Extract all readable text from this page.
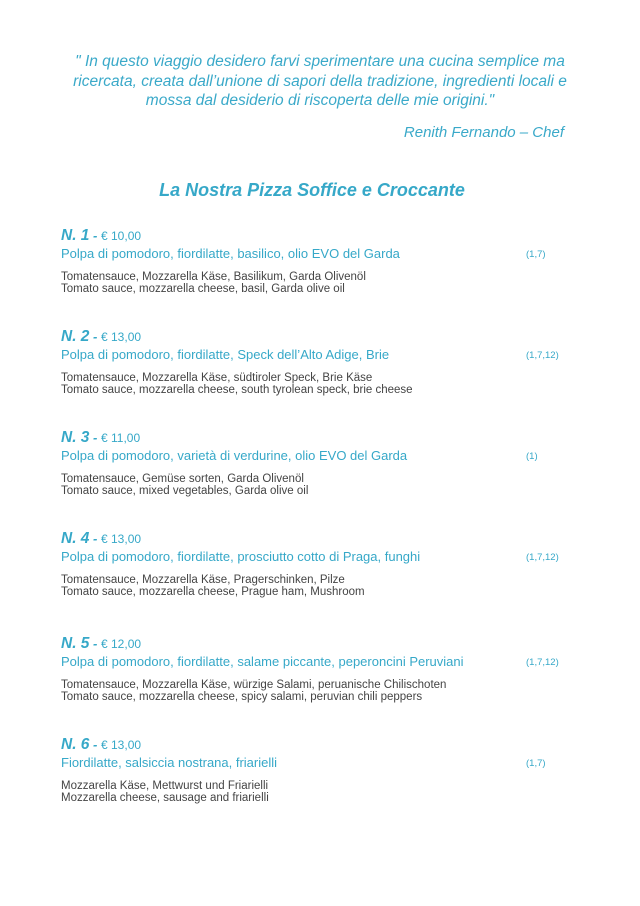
" In questo viaggio desidero farvi sperimentare una cucina semplice ma
ricercata, creata dall’unione di sapori della tradizione, ingredienti locali e
mossa dal desiderio di riscoperta delle mie origini."
Renith Fernando – Chef
La Nostra Pizza Soffice e Croccante
N. 1 - € 10,00
Polpa di pomodoro, fiordilatte, basilico, olio EVO del Garda	(1,7)
Tomatensauce, Mozzarella Käse, Basilikum, Garda Olivenöl
Tomato sauce, mozzarella cheese, basil, Garda olive oil
N. 2 - € 13,00
Polpa di pomodoro, fiordilatte, Speck dell’Alto Adige, Brie	(1,7,12)
Tomatensauce, Mozzarella Käse, südtiroler Speck, Brie Käse
Tomato sauce, mozzarella cheese, south tyrolean speck, brie cheese
N. 3 - € 11,00
Polpa di pomodoro, varietà di verdurine, olio EVO del Garda	(1)
Tomatensauce, Gemüse sorten, Garda Olivenöl
Tomato sauce, mixed vegetables, Garda olive oil
N. 4 - € 13,00
Polpa di pomodoro, fiordilatte, prosciutto cotto di Praga, funghi	(1,7,12)
Tomatensauce, Mozzarella Käse, Pragerschinken, Pilze
Tomato sauce, mozzarella cheese, Prague ham, Mushroom
N. 5 - € 12,00
Polpa di pomodoro, fiordilatte, salame piccante, peperoncini Peruviani	(1,7,12)
Tomatensauce, Mozzarella Käse, würzige Salami, peruanische Chilischoten
Tomato sauce, mozzarella cheese, spicy salami, peruvian chili peppers
N. 6 - € 13,00
Fiordilatte, salsiccia nostrana, friarielli	(1,7)
Mozzarella Käse, Mettwurst und Friarielli
Mozzarella cheese, sausage and friarielli
